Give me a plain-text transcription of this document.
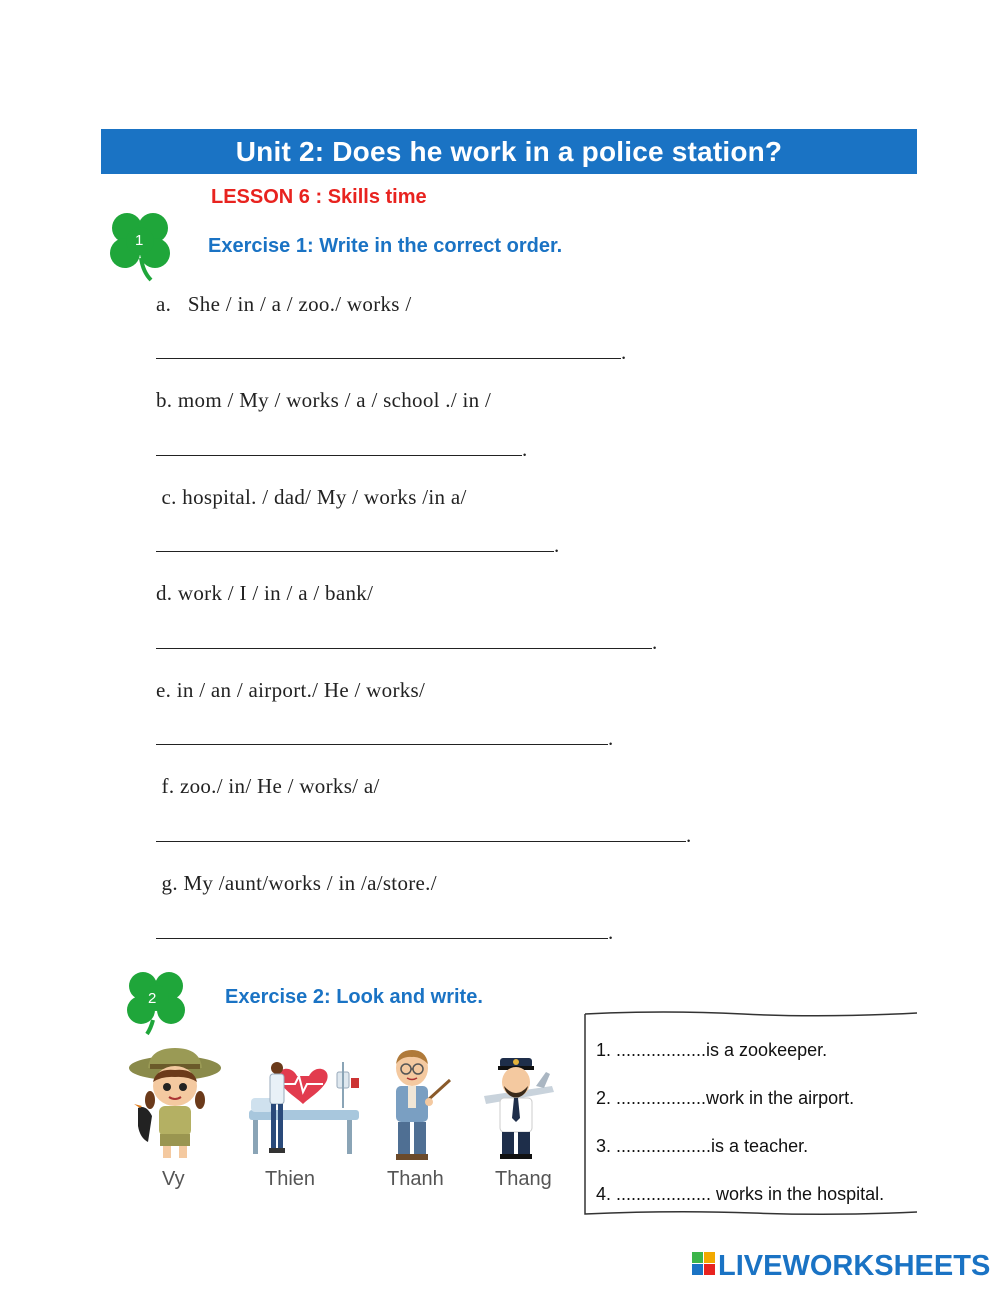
Unit 2: Does he work in a police station?
LESSON 6 : Skills time
1	Exercise 1: Write in the correct order.
a.   She / in / a / zoo./ works /
.
b. mom / My / works / a / school ./ in /
.
c. hospital. / dad/ My / works /in a/
.
d. work / I / in / a / bank/
.
e. in / an / airport./ He / works/
.
f. zoo./ in/ He / works/ a/
.
g. My /aunt/works / in /a/store./
.
2	Exercise 2: Look and write.
Vy	Thien	Thanh	Thang
1. ..................is a zookeeper.
2. ..................work in the airport.
3. ...................is a teacher.
4. ................... works in the hospital.
LIVEWORKSHEETS
